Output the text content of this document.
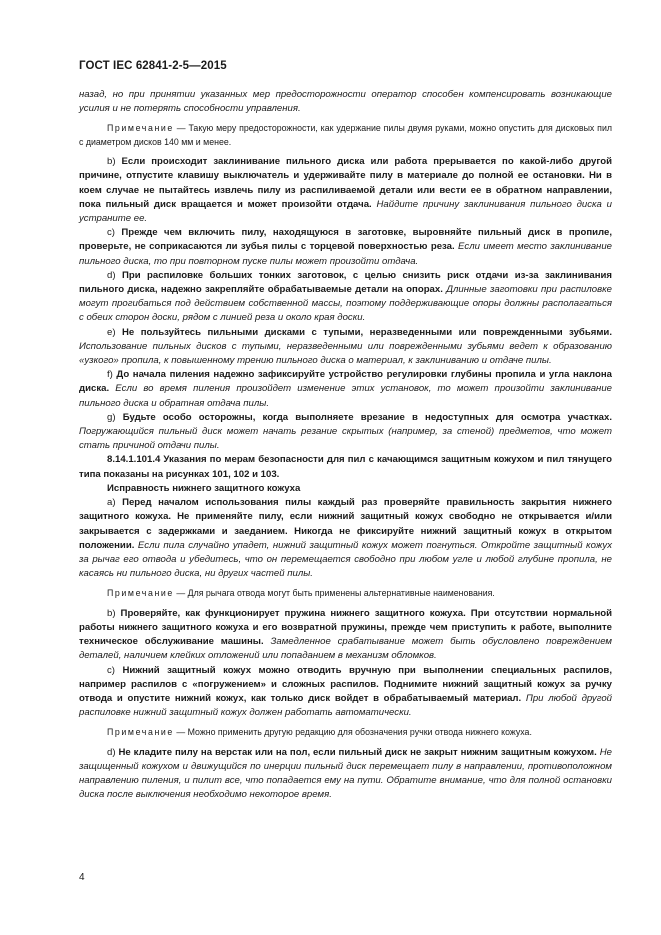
ГОСТ IEC 62841-2-5—2015

назад, но при принятии указанных мер предосторожности оператор способен компенсировать возникающие усилия и не потерять способности управления.

Примечание — Такую меру предосторожности, как удержание пилы двумя руками, можно опустить для дисковых пил с диаметром дисков 140 мм и менее.

b) Если происходит заклинивание пильного диска или работа прерывается по какой-либо другой причине, отпустите клавишу выключатель и удерживайте пилу в материале до полной ее остановки. Ни в коем случае не пытайтесь извлечь пилу из распиливаемой детали или вести ее в обратном направлении, пока пильный диск вращается и может произойти отдача. Найдите причину заклинивания пильного диска и устраните ее.

c) Прежде чем включить пилу, находящуюся в заготовке, выровняйте пильный диск в пропиле, проверьте, не соприкасаются ли зубья пилы с торцевой поверхностью реза. Если имеет место заклинивание пильного диска, то при повторном пуске пилы может произойти отдача.

d) При распиловке больших тонких заготовок, с целью снизить риск отдачи из-за заклинивания пильного диска, надежно закрепляйте обрабатываемые детали на опорах. Длинные заготовки при распиловке могут прогибаться под действием собственной массы, поэтому поддерживающие опоры должны располагаться с обеих сторон доски, рядом с линией реза и около края доски.

e) Не пользуйтесь пильными дисками с тупыми, неразведенными или поврежденными зубьями. Использование пильных дисков с тупыми, неразведенными или поврежденными зубьями ведет к образованию «узкого» пропила, к повышенному трению пильного диска о материал, к заклиниванию и отдаче пилы.

f) До начала пиления надежно зафиксируйте устройство регулировки глубины пропила и угла наклона диска. Если во время пиления произойдет изменение этих установок, то может произойти заклинивание пильного диска и обратная отдача пилы.

g) Будьте особо осторожны, когда выполняете врезание в недоступных для осмотра участках. Погружающийся пильный диск может начать резание скрытых (например, за стеной) предметов, что может стать причиной отдачи пилы.

8.14.1.101.4 Указания по мерам безопасности для пил с качающимся защитным кожухом и пил тянущего типа показаны на рисунках 101, 102 и 103.

Исправность нижнего защитного кожуха

a) Перед началом использования пилы каждый раз проверяйте правильность закрытия нижнего защитного кожуха. Не применяйте пилу, если нижний защитный кожух свободно не открывается и/или закрывается с задержками и заеданием. Никогда не фиксируйте нижний защитный кожух в открытом положении. Если пила случайно упадет, нижний защитный кожух может погнуться. Откройте защитный кожух за рычаг его отвода и убедитесь, что он перемещается свободно при любом угле и любой глубине пропила, не касаясь ни пильного диска, ни других частей пилы.

Примечание — Для рычага отвода могут быть применены альтернативные наименования.

b) Проверяйте, как функционирует пружина нижнего защитного кожуха. При отсутствии нормальной работы нижнего защитного кожуха и его возвратной пружины, прежде чем приступить к работе, выполните техническое обслуживание машины. Замедленное срабатывание может быть обусловлено повреждением деталей, наличием клейких отложений или попаданием в механизм обломков.

c) Нижний защитный кожух можно отводить вручную при выполнении специальных распилов, например распилов с «погружением» и сложных распилов. Поднимите нижний защитный кожух за ручку отвода и опустите нижний кожух, как только диск войдет в обрабатываемый материал. При любой другой распиловке нижний защитный кожух должен работать автоматически.

Примечание — Можно применить другую редакцию для обозначения ручки отвода нижнего кожуха.

d) Не кладите пилу на верстак или на пол, если пильный диск не закрыт нижним защитным кожухом. Не защищенный кожухом и движущийся по инерции пильный диск перемещает пилу в направлении, противоположном направлению пиления, и пилит все, что попадается ему на пути. Обратите внимание, что для полной остановки диска после выключения необходимо некоторое время.

4
